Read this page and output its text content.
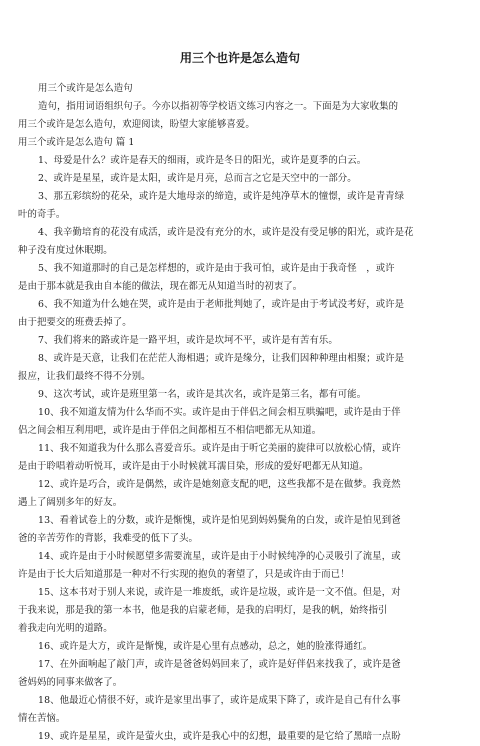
用三个也许是怎么造句

用三个或许是怎么造句

造句，指用词语组织句子。今亦以指初等学校语文练习内容之一。下面是为大家收集的

用三个或许是怎么造句，欢迎阅读，盼望大家能够喜爱。

用三个或许是怎么造句 篇 1

1、母爱是什么？或许是春天的细雨，或许是冬日的阳光，或许是夏季的白云。

2、或许是星星，或许是太阳，或许是月亮，总而言之它是天空中的一部分。

3、那五彩缤纷的花朵，或许是大地母亲的缔造，或许是纯净草木的憧憬，或许是青青绿

叶的奇手。

4、我辛勤培育的花没有成活，或许是没有充分的水，或许是没有受足够的阳光，或许是花

种子没有度过休眠期。

5、我不知道那时的自己是怎样想的，或许是由于我可怕，或许是由于我奇怪　，或许

是由于那本就是我由自本能的做法，现在都无从知道当时的初衷了。

6、我不知道为什么她在哭，或许是由于老师批判她了，或许是由于考试没考好，或许是

由于把要交的班费丢掉了。

7、我们将来的路或许是一路平坦，或许是坎坷不平，或许是有苦有乐。

8、或许是天意，让我们在茫茫人海相遇；或许是缘分，让我们因种种理由相聚；或许是

报应，让我们最终不得不分别。

9、这次考试，或许是班里第一名，或许是其次名，或许是第三名，都有可能。

10、我不知道友情为什么华而不实。或许是由于伴侣之间会相互哄骗吧，或许是由于伴

侣之间会相互利用吧，或许是由于伴侣之间都相互不相信吧都无从知道。

11、我不知道我为什么那么喜爱音乐。或许是由于听它美丽的旋律可以放松心情，或许

是由于聆唱着动听悦耳，或许是由于小时候就耳濡目染，形成的爱好吧都无从知道。

12、或许是巧合，或许是偶然，或许是她刻意支配的吧，这些我都不是在做梦。我竟然

遇上了阔别多年的好友。

13、看着试卷上的分数，或许是惭愧，或许是怕见到妈妈鬓角的白发，或许是怕见到爸

爸的辛苦劳作的背影，我难受的低下了头。

14、或许是由于小时候愿望多需要流星，或许是由于小时候纯净的心灵吸引了流星，或

许是由于长大后知道那是一种对不行实现的抱负的奢望了，只是或许由于而已！

15、这本书对于别人来说，或许是一堆废纸，或许是垃圾，或许是一文不值。但是，对

于我来说，那是我的第一本书，他是我的启蒙老师，是我的启明灯，是我的帆，始终指引

着我走向光明的道路。

16、或许是大方，或许是惭愧，或许是心里有点感动，总之，她的脸涨得通红。

17、在外面响起了敲门声，或许是爸爸妈妈回来了，或许是好伴侣来找我了，或许是爸

爸妈妈的同事来做客了。

18、他最近心情很不好，或许是家里出事了，或许是成果下降了，或许是自己有什么事

情在苦恼。

19、或许是星星，或许是萤火虫，或许是我心中的幻想，最重要的是它给了黑暗一点盼
